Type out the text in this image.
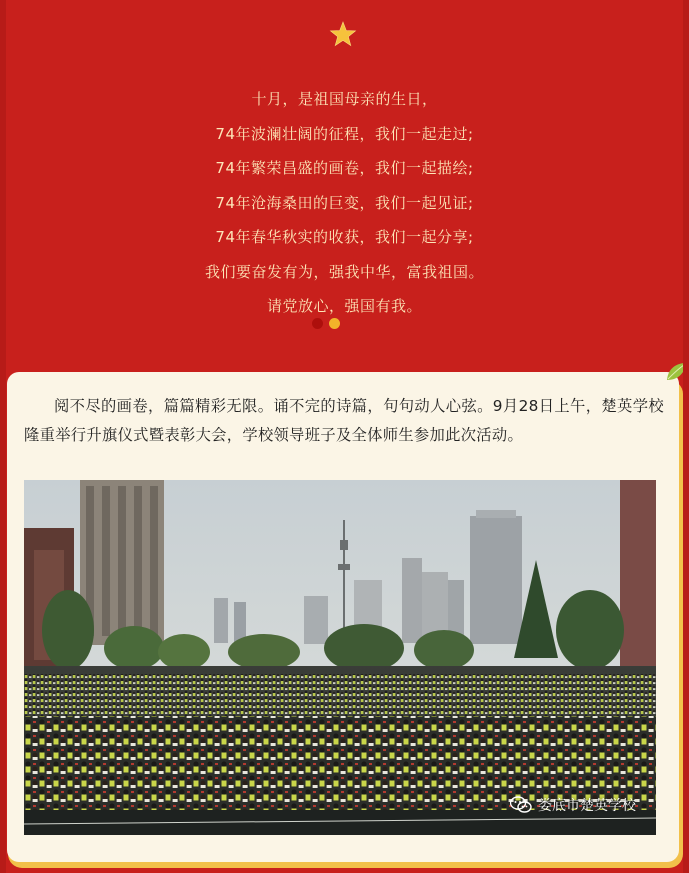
十月，是祖国母亲的生日，

74年波澜壮阔的征程，我们一起走过;

74年繁荣昌盛的画卷，我们一起描绘;

74年沧海桑田的巨变，我们一起见证;

74年春华秋实的收获，我们一起分享;

我们要奋发有为，强我中华，富我祖国。

请党放心，强国有我。

阅不尽的画卷，篇篇精彩无限。诵不完的诗篇，句句动人心弦。9月28日上午，楚英学校隆重举行升旗仪式暨表彰大会，学校领导班子及全体师生参加此次活动。

娄底市楚英学校
